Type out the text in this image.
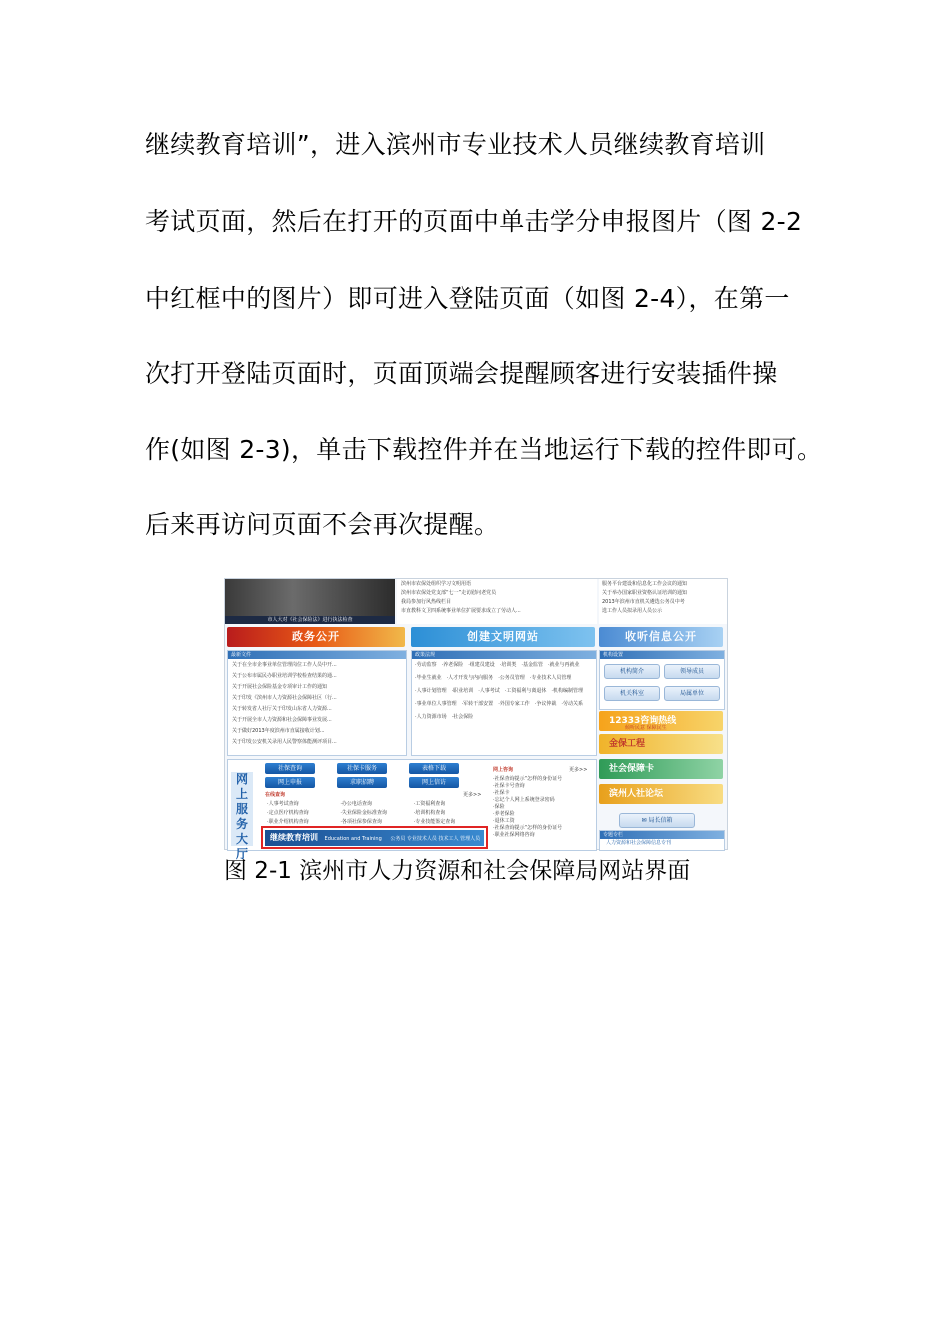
继续教育培训”，进入滨州市专业技术人员继续教育培训
考试页面，然后在打开的页面中单击学分申报图片（图 2-2
中红框中的图片）即可进入登陆页面（如图 2-4），在第一
次打开登陆页面时，页面顶端会提醒顾客进行安装插件操
作(如图 2-3)，单击下载控件并在当地运行下载的控件即可。
后来再访问页面不会再次提醒。
市人大对《社会保险法》进行执法检查
滨州市农保处组织学习文明用语
滨州市农保处党支部“七一”走访慰问老党员
我局参加行风热线栏目
市直教科文卫四系统事业单位扩展要求成立了劳动人...
服务平台建设和信息化工作会议的通知
关于举办国家职业资格认证培训的通知
2013年滨州市直机关遴选公务员中考
选工作人员拟录用人员公示
政务公开	创建文明网站	收听信息公开
最新文件
关于在全市企事业单位管理岗位工作人员中开...
关于公布市属民办职业培训学校检查结果的通...
关于开展社会保险基金专项审计工作的通知
关于印发《滨州市人力资源社会保障社区（行...
关于转发省人社厅关于印发山东省人力资源...
关于开展全市人力资源和社会保障事业发展...
关于做好2013年度滨州市直属接收计划...
关于印发公安机关录用人民警察体能测评项目...
政策法规
·劳动监察 ·养老保险 ·组建员建设 ·培训类 ·基金监管 ·就业与再就业
·毕业生就业 ·人才开发与内向服务 ·公务员管理 ·专业技术人员管理
·人事计划管理 ·职业培训 ·人事考试 ·工资福利与离退休 ·机构编制管理
·事业单位人事管理 ·军转干部安置 ·外国专家工作 ·争议仲裁 ·劳动关系
·人力资源市场 ·社会保险
机构设置
机构简介	领导成员
机关科室	局属单位
12333咨询热线
倾听民意 保障民生
金保工程
社会保障卡
滨州人社论坛
✉ 局长信箱
网上服务大厅
社保查询	社保卡服务	表格下载
网上申报	求职招聘	网上信访
在线查询	更多>>
·人事考试查询	·办公电话查询	·工资福利查询
·定点医疗机构查询	·失业保险金标准查询	·培训机构查询
·职业介绍机构查询	·各项社保参保查询	·专业技能鉴定查询
继续教育培训 Education and Training 公务员 专业技术人员 技术工人 管理人员 大学生就业
网上咨询	更多>>
·社保查询提示“怎样的身份证号
·社保卡号查询
·社保卡
·忘记个人网上系统登录密码
·保险
·养老保险
·退休工资
·社保查询提示“怎样的身份证号
·职业社保网络咨询	专题专栏
人力资源和社会保障信息专刊
图 2-1 滨州市人力资源和社会保障局网站界面
